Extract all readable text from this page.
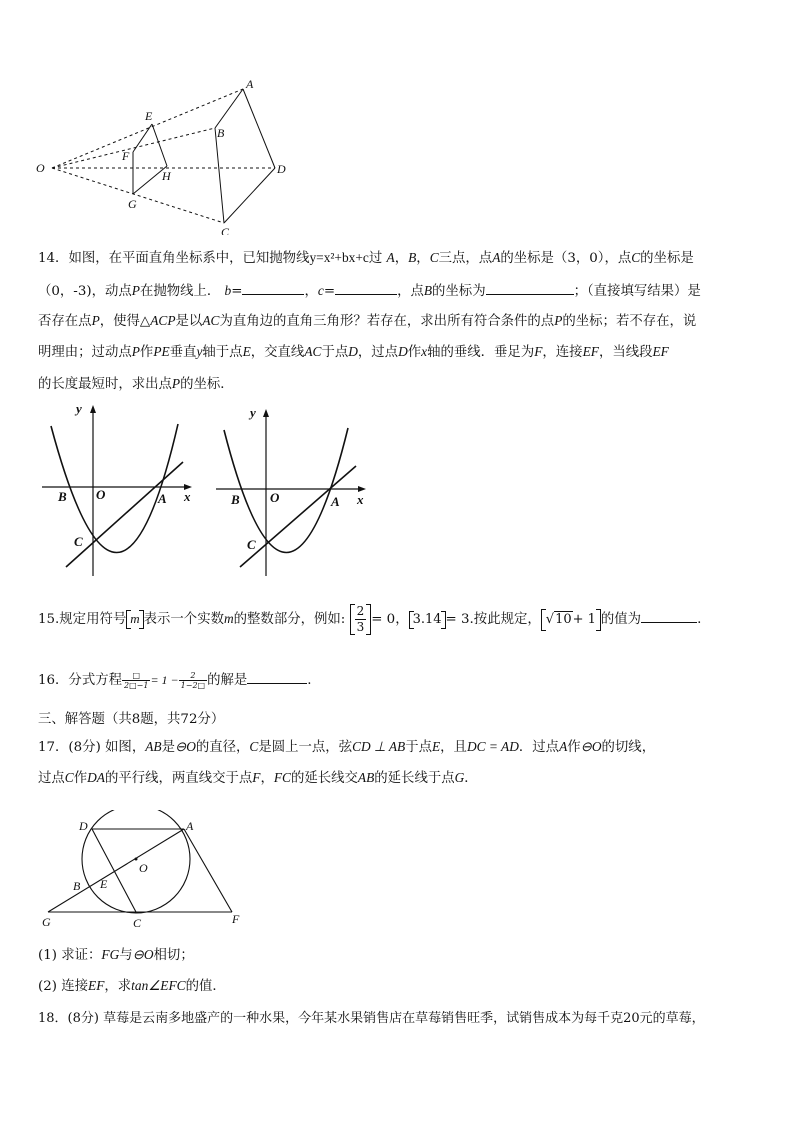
O
A
B
C
D
E
F
G
H
14．如图，在平面直角坐标系中，已知抛物线y=x²+bx+c过 A，B，C三点，点A的坐标是（3，0），点C的坐标是
（0，-3)，动点P在抛物线上． b=	，c=	，点B的坐标为	；（直接填写结果）是
否存在点P，使得△ACP是以AC为直角边的直角三角形？若存在，求出所有符合条件的点P的坐标；若不存在，说
明理由；过动点P作PE垂直y轴于点E，交直线AC于点D，过点D作x轴的垂线．垂足为F，连接EF，当线段EF
的长度最短时，求出点P的坐标．
y
x
B O	A
C
y
x
B O	A
C
15.规定用符号 m 表示一个实数m的整数部分，例如: $\frac{2}{3} = 0$， 3.14 = 3.按此规定， √10+ 1 的值为	.
16．分式方程 $\frac{□}{2□-1} = 1 - \frac{2}{1-2□}$ 的解是	.
三、解答题（共8题，共72分）
17．(8分) 如图，AB是⊖O的直径，C是圆上一点，弦CD ⊥ AB于点E，且DC = AD．过点A作⊖O的切线，
过点C作DA的平行线，两直线交于点F，FC的延长线交AB的延长线于点G．
D	A
O
B E
G	C	F
(1) 求证：FG与⊖O相切；
(2) 连接EF，求tan∠EFC的值．
18．(8分) 草莓是云南多地盛产的一种水果，今年某水果销售店在草莓销售旺季，试销售成本为每千克20元的草莓，
